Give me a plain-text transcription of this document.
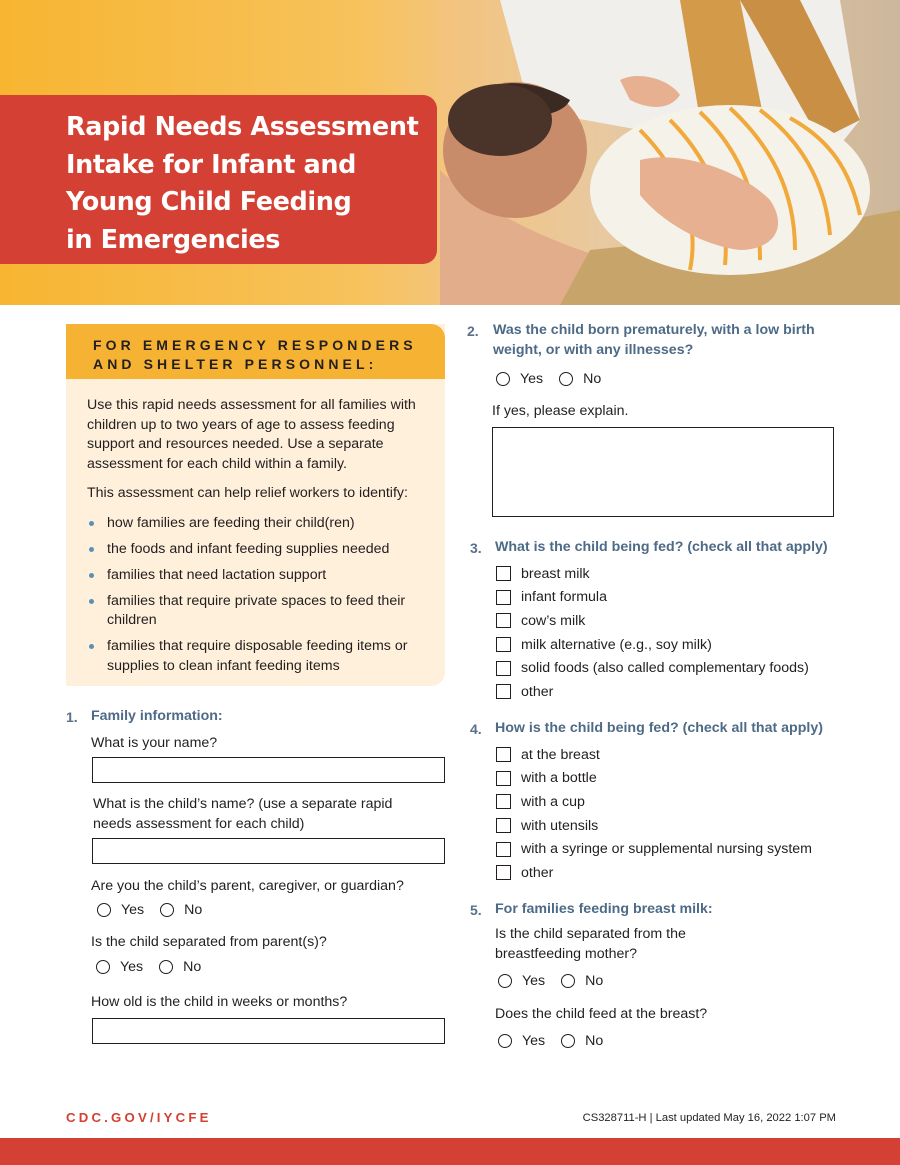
Rapid Needs Assessment
Intake for Infant and
Young Child Feeding
in Emergencies
FOR EMERGENCY RESPONDERS
AND SHELTER PERSONNEL:

Use this rapid needs assessment for all families with children up to two years of age to assess feeding support and resources needed. Use a separate assessment for each child within a family.

This assessment can help relief workers to identify:

how families are feeding their child(ren)
the foods and infant feeding supplies needed
families that need lactation support
families that require private spaces to feed their children
families that require disposable feeding items or supplies to clean infant feeding items
1. Family information:
What is your name?
What is the child’s name? (use a separate rapid needs assessment for each child)
Are you the child’s parent, caregiver, or guardian?
Yes	No
Is the child separated from parent(s)?
Yes	No
How old is the child in weeks or months?
2. Was the child born prematurely, with a low birth weight, or with any illnesses?
Yes	No
If yes, please explain.
3. What is the child being fed? (check all that apply)
breast milk
infant formula
cow’s milk
milk alternative (e.g., soy milk)
solid foods (also called complementary foods)
other
4. How is the child being fed? (check all that apply)
at the breast
with a bottle
with a cup
with utensils
with a syringe or supplemental nursing system
other
5. For families feeding breast milk:
Is the child separated from the breastfeeding mother?
Yes	No
Does the child feed at the breast?
Yes	No
CDC.GOV/IYCFE	CS328711-H | Last updated May 16, 2022 1:07 PM
